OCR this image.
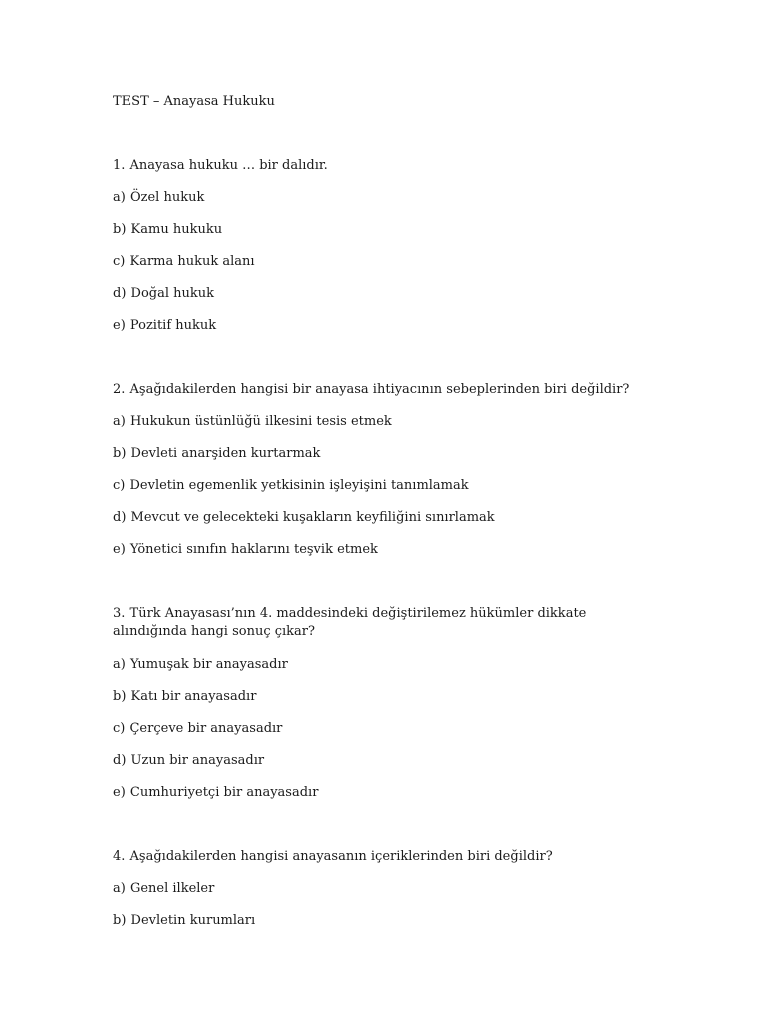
TEST – Anayasa Hukuku
1. Anayasa hukuku … bir dalıdır.
a) Özel hukuk
b) Kamu hukuku
c) Karma hukuk alanı
d) Doğal hukuk
e) Pozitif hukuk
2. Aşağıdakilerden hangisi bir anayasa ihtiyacının sebeplerinden biri değildir?
a) Hukukun üstünlüğü ilkesini tesis etmek
b) Devleti anarşiden kurtarmak
c) Devletin egemenlik yetkisinin işleyişini tanımlamak
d) Mevcut ve gelecekteki kuşakların keyfiliğini sınırlamak
e) Yönetici sınıfın haklarını teşvik etmek
3. Türk Anayasası’nın 4. maddesindeki değiştirilemez hükümler dikkate alındığında hangi sonuç çıkar?
a) Yumuşak bir anayasadır
b) Katı bir anayasadır
c) Çerçeve bir anayasadır
d) Uzun bir anayasadır
e) Cumhuriyetçi bir anayasadır
4. Aşağıdakilerden hangisi anayasanın içeriklerinden biri değildir?
a) Genel ilkeler
b) Devletin kurumları
